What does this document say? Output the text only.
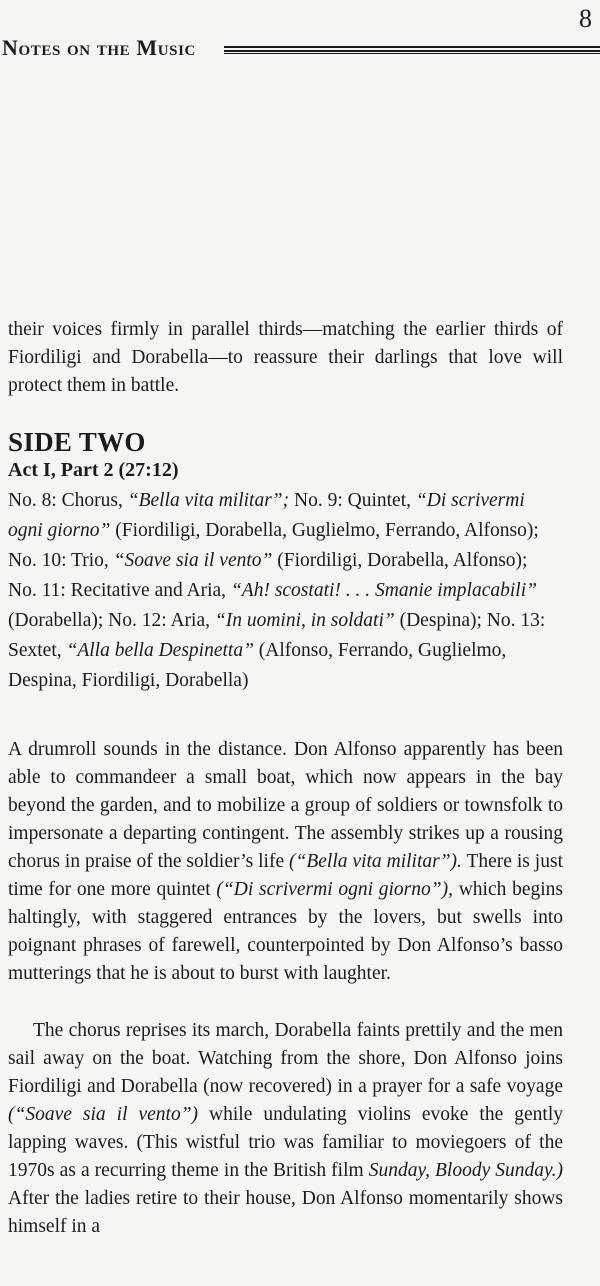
8
Notes on the Music

their voices firmly in parallel thirds—matching the earlier thirds of Fiordiligi and Dorabella—to reassure their darlings that love will protect them in battle.

SIDE TWO
Act I, Part 2 (27:12)

No. 8: Chorus, “Bella vita militar”; No. 9: Quintet, “Di scrivermi ogni giorno” (Fiordiligi, Dorabella, Guglielmo, Ferrando, Alfonso); No. 10: Trio, “Soave sia il vento” (Fiordiligi, Dorabella, Alfonso); No. 11: Recitative and Aria, “Ah! scostati! . . . Smanie implacabili” (Dorabella); No. 12: Aria, “In uomini, in soldati” (Despina); No. 13: Sextet, “Alla bella Despinetta” (Alfonso, Ferrando, Guglielmo, Despina, Fiordiligi, Dorabella)

A drumroll sounds in the distance. Don Alfonso apparently has been able to commandeer a small boat, which now appears in the bay beyond the garden, and to mobilize a group of soldiers or townsfolk to impersonate a departing contingent. The assembly strikes up a rousing chorus in praise of the soldier’s life (“Bella vita militar”). There is just time for one more quintet (“Di scrivermi ogni giorno”), which begins haltingly, with staggered entrances by the lovers, but swells into poignant phrases of farewell, counterpointed by Don Alfonso’s basso mutterings that he is about to burst with laughter.

The chorus reprises its march, Dorabella faints prettily and the men sail away on the boat. Watching from the shore, Don Alfonso joins Fiordiligi and Dorabella (now recovered) in a prayer for a safe voyage (“Soave sia il vento”) while undulating violins evoke the gently lapping waves. (This wistful trio was familiar to moviegoers of the 1970s as a recurring theme in the British film Sunday, Bloody Sunday.) After the ladies retire to their house, Don Alfonso momentarily shows himself in a
